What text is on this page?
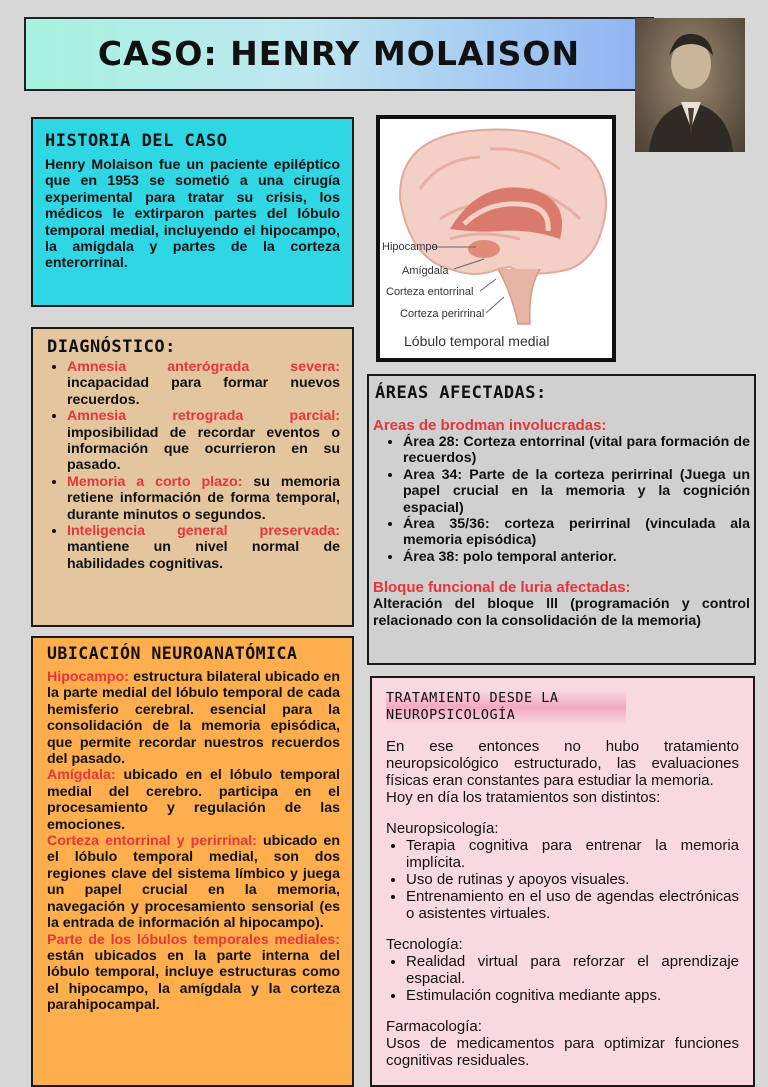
CASO: HENRY MOLAISON
HISTORIA DEL CASO
Henry Molaison fue un paciente epiléptico que en 1953 se sometió a una cirugía experimental para tratar su crisis, los médicos le extirparon partes del lóbulo temporal medial, incluyendo el hipocampo, la amígdala y partes de la corteza enterorrinal.
Hipocampo
Amígdala
Corteza entorrinal
Corteza perirrinal
Lóbulo temporal medial
DIAGNÓSTICO:
• Amnesia anterógrada severa: incapacidad para formar nuevos recuerdos.
• Amnesia retrograda parcial: imposibilidad de recordar eventos o información que ocurrieron en su pasado.
• Memoria a corto plazo: su memoria retiene información de forma temporal, durante minutos o segundos.
• Inteligencia general preservada: mantiene un nivel normal de habilidades cognitivas.
ÁREAS AFECTADAS:

Areas de brodman involucradas:

• Área 28: Corteza entorrinal (vital para formación de recuerdos)
• Area 34: Parte de la corteza perirrinal (Juega un papel crucial en la memoria y la cognición espacial)
• Área 35/36: corteza perirrinal (vinculada ala memoria episódica)
• Área 38: polo temporal anterior.

Bloque funcional de luria afectadas:

Alteración del bloque lll (programación y control relacionado con la consolidación de la memoria)
UBICACIÓN NEUROANATÓMICA

Hipocampo: estructura bilateral ubicado en la parte medial del lóbulo temporal de cada hemisferio cerebral. esencial para la consolidación de la memoria episódica, que permite recordar nuestros recuerdos del pasado.

Amígdala: ubicado en el lóbulo temporal medial del cerebro. participa en el procesamiento y regulación de las emociones.

Corteza entorrinal y perirrinal: ubicado en el lóbulo temporal medial, son dos regiones clave del sistema límbico y juega un papel crucial en la memoria, navegación y procesamiento sensorial (es la entrada de información al hipocampo).

Parte de los lóbulos temporales mediales: están ubicados en la parte interna del lóbulo temporal, incluye estructuras como el hipocampo, la amígdala y la corteza parahipocampal.

TRATAMIENTO DESDE LA NEUROPSICOLOGÍA

En ese entonces no hubo tratamiento neuropsicológico estructurado, las evaluaciones físicas eran constantes para estudiar la memoria.

Hoy en día los tratamientos son distintos:

Neuropsicología:

• Terapia cognitiva para entrenar la memoria implícita.
• Uso de rutinas y apoyos visuales.
• Entrenamiento en el uso de agendas electrónicas o asistentes virtuales.

Tecnología:

• Realidad virtual para reforzar el aprendizaje espacial.
• Estimulación cognitiva mediante apps.

Farmacología:

Usos de medicamentos para optimizar funciones cognitivas residuales.
